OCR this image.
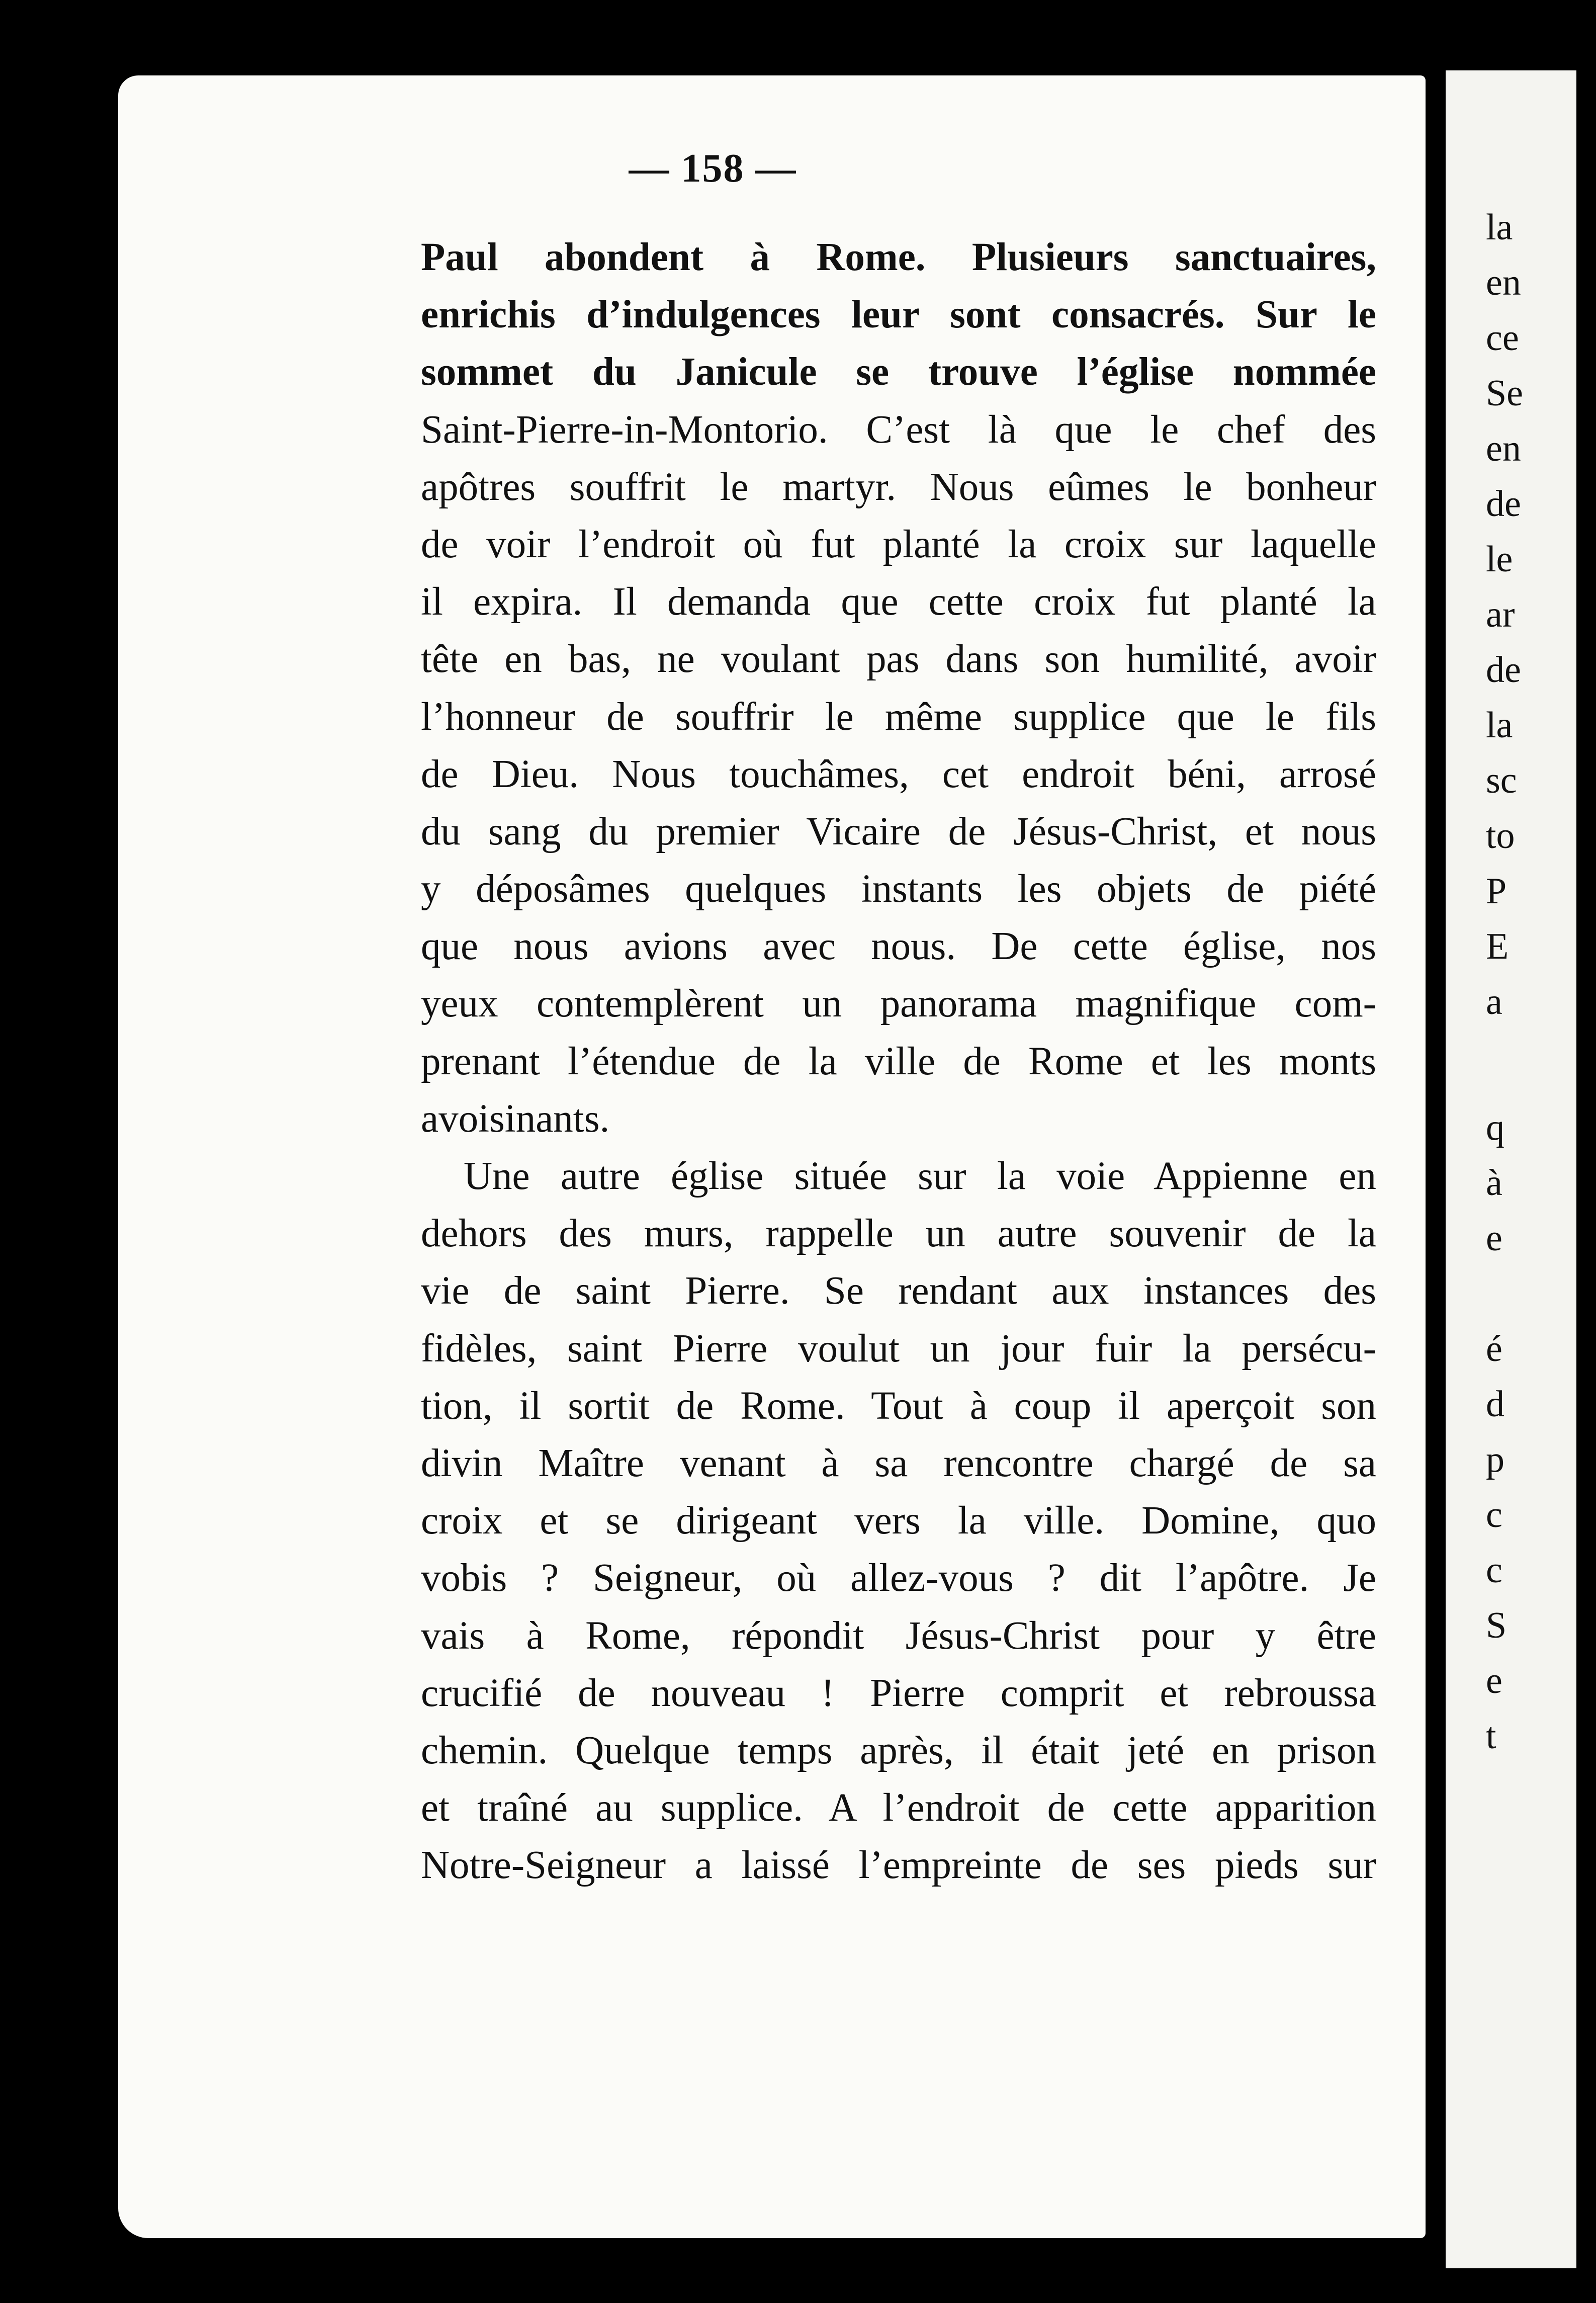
— 158 —
Paul abondent à Rome. Plusieurs sanctuaires,
enrichis d’indulgences leur sont consacrés. Sur le
sommet du Janicule se trouve l’église nommée
Saint-Pierre-in-Montorio. C’est là que le chef des
apôtres souffrit le martyr. Nous eûmes le bonheur
de voir l’endroit où fut planté la croix sur laquelle
il expira. Il demanda que cette croix fut planté la
tête en bas, ne voulant pas dans son humilité, avoir
l’honneur de souffrir le même supplice que le fils
de Dieu. Nous touchâmes, cet endroit béni, arrosé
du sang du premier Vicaire de Jésus-Christ, et nous
y déposâmes quelques instants les objets de piété
que nous avions avec nous. De cette église, nos
yeux contemplèrent un panorama magnifique com-
prenant l’étendue de la ville de Rome et les monts
avoisinants.
Une autre église située sur la voie Appienne en
dehors des murs, rappelle un autre souvenir de la
vie de saint Pierre. Se rendant aux instances des
fidèles, saint Pierre voulut un jour fuir la persécu-
tion, il sortit de Rome. Tout à coup il aperçoit son
divin Maître venant à sa rencontre chargé de sa
croix et se dirigeant vers la ville. Domine, quo
vobis ? Seigneur, où allez-vous ? dit l’apôtre. Je
vais à Rome, répondit Jésus-Christ pour y être
crucifié de nouveau ! Pierre comprit et rebroussa
chemin. Quelque temps après, il était jeté en prison
et traîné au supplice. A l’endroit de cette apparition
Notre-Seigneur a laissé l’empreinte de ses pieds sur
la
en
ce
Se
en
de
le
ar
de
la
sc
to
P
E
a
q
à
e
é
d
p
c
c
S
e
t
